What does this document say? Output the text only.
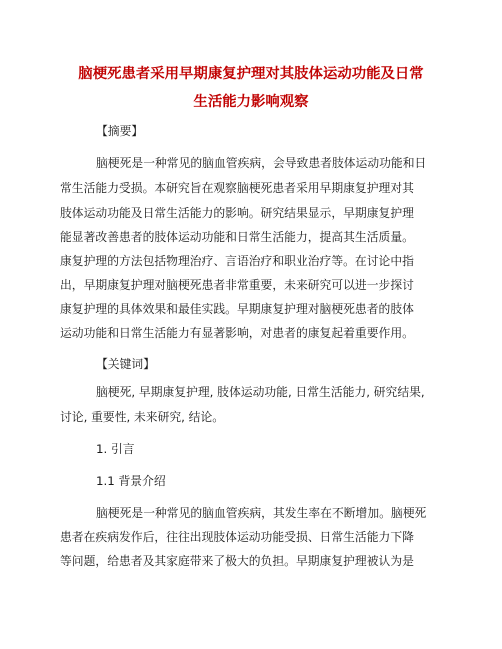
脑梗死患者采用早期康复护理对其肢体运动功能及日常
生活能力影响观察
【摘要】
脑梗死是一种常见的脑血管疾病，会导致患者肢体运动功能和日
常生活能力受损。本研究旨在观察脑梗死患者采用早期康复护理对其
肢体运动功能及日常生活能力的影响。研究结果显示，早期康复护理
能显著改善患者的肢体运动功能和日常生活能力，提高其生活质量。
康复护理的方法包括物理治疗、言语治疗和职业治疗等。在讨论中指
出，早期康复护理对脑梗死患者非常重要，未来研究可以进一步探讨
康复护理的具体效果和最佳实践。早期康复护理对脑梗死患者的肢体
运动功能和日常生活能力有显著影响，对患者的康复起着重要作用。
【关键词】
脑梗死, 早期康复护理, 肢体运动功能, 日常生活能力, 研究结果,
讨论, 重要性, 未来研究, 结论。
1. 引言
1.1 背景介绍
脑梗死是一种常见的脑血管疾病，其发生率在不断增加。脑梗死
患者在疾病发作后，往往出现肢体运动功能受损、日常生活能力下降
等问题，给患者及其家庭带来了极大的负担。早期康复护理被认为是
